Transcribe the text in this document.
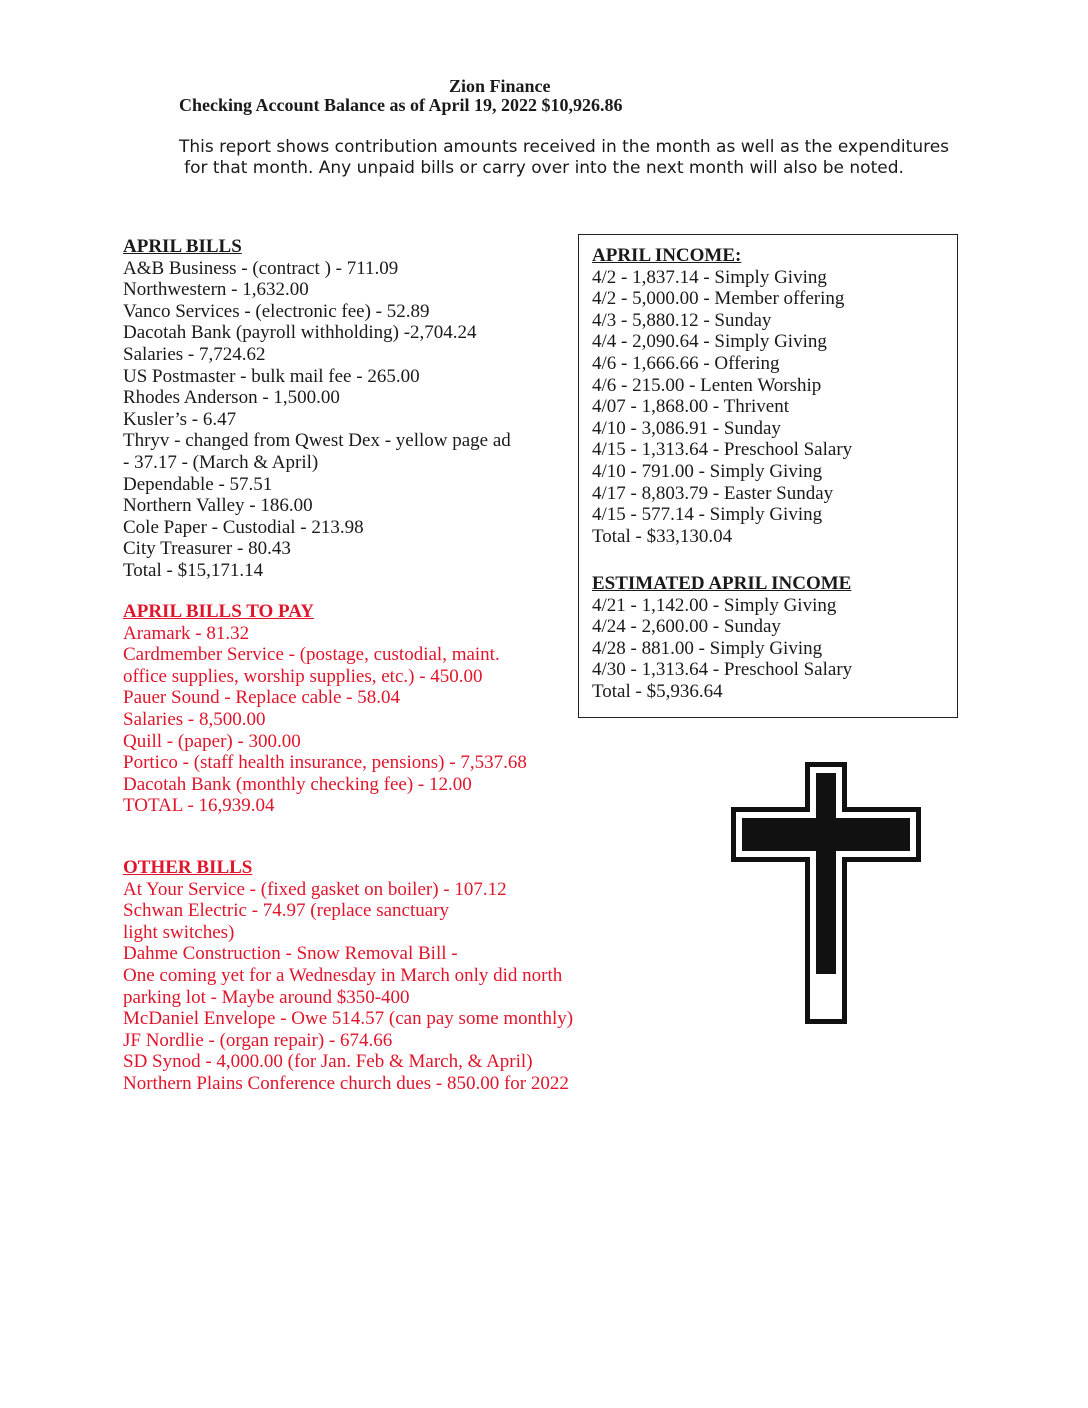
Zion Finance
Checking Account Balance as of April 19, 2022 $10,926.86
This report shows contribution amounts received in the month as well as the expenditures
for that month. Any unpaid bills or carry over into the next month will also be noted.
APRIL BILLS
A&B Business - (contract ) - 711.09
Northwestern - 1,632.00
Vanco Services - (electronic fee) - 52.89
Dacotah Bank (payroll withholding) -2,704.24
Salaries - 7,724.62
US Postmaster - bulk mail fee - 265.00
Rhodes Anderson - 1,500.00
Kusler’s - 6.47
Thryv - changed from Qwest Dex - yellow page ad
- 37.17 - (March & April)
Dependable - 57.51
Northern Valley - 186.00
Cole Paper - Custodial - 213.98
City Treasurer - 80.43
Total - $15,171.14
APRIL BILLS TO PAY
Aramark - 81.32
Cardmember Service - (postage, custodial, maint.
office supplies, worship supplies, etc.) - 450.00
Pauer Sound - Replace cable - 58.04
Salaries - 8,500.00
Quill - (paper) - 300.00
Portico - (staff health insurance, pensions) - 7,537.68
Dacotah Bank (monthly checking fee) - 12.00
TOTAL - 16,939.04
OTHER BILLS
At Your Service - (fixed gasket on boiler) - 107.12
Schwan Electric - 74.97 (replace sanctuary
light switches)
Dahme Construction - Snow Removal Bill -
One coming yet for a Wednesday in March only did north
parking lot - Maybe around $350-400
McDaniel Envelope - Owe 514.57 (can pay some monthly)
JF Nordlie - (organ repair) - 674.66
SD Synod - 4,000.00 (for Jan. Feb & March, & April)
Northern Plains Conference church dues - 850.00 for 2022
APRIL INCOME:
4/2 - 1,837.14 - Simply Giving
4/2 - 5,000.00 - Member offering
4/3 - 5,880.12 - Sunday
4/4 - 2,090.64 - Simply Giving
4/6 - 1,666.66 - Offering
4/6 - 215.00 - Lenten Worship
4/07 - 1,868.00 - Thrivent
4/10 - 3,086.91 - Sunday
4/15 - 1,313.64 - Preschool Salary
4/10 - 791.00 - Simply Giving
4/17 - 8,803.79 - Easter Sunday
4/15 - 577.14 - Simply Giving
Total - $33,130.04
ESTIMATED APRIL INCOME
4/21 - 1,142.00 - Simply Giving
4/24 - 2,600.00 - Sunday
4/28 - 881.00 - Simply Giving
4/30 - 1,313.64 - Preschool Salary
Total - $5,936.64
